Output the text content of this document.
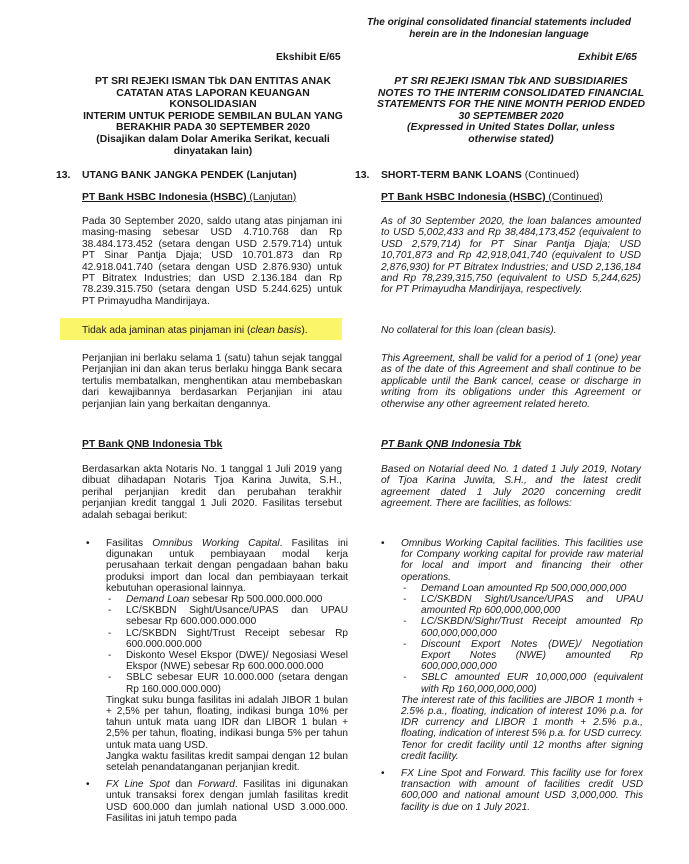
The original consolidated financial statements included herein are in the Indonesian language
Ekshibit E/65	Exhibit E/65
PT SRI REJEKI ISMAN Tbk DAN ENTITAS ANAK
CATATAN ATAS LAPORAN KEUANGAN KONSOLIDASIAN
INTERIM UNTUK PERIODE SEMBILAN BULAN YANG
BERAKHIR PADA 30 SEPTEMBER 2020
(Disajikan dalam Dolar Amerika Serikat, kecuali
dinyatakan lain)
PT SRI REJEKI ISMAN Tbk AND SUBSIDIARIES
NOTES TO THE INTERIM CONSOLIDATED FINANCIAL
STATEMENTS FOR THE NINE MONTH PERIOD ENDED
30 SEPTEMBER 2020
(Expressed in United States Dollar, unless
otherwise stated)
13. UTANG BANK JANGKA PENDEK (Lanjutan)	13. SHORT-TERM BANK LOANS (Continued)
PT Bank HSBC Indonesia (HSBC) (Lanjutan)	PT Bank HSBC Indonesia (HSBC) (Continued)
Pada 30 September 2020, saldo utang atas pinjaman ini masing-masing sebesar USD 4.710.768 dan Rp 38.484.173.452 (setara dengan USD 2.579.714) untuk PT Sinar Pantja Djaja; USD 10.701.873 dan Rp 42.918.041.740 (setara dengan USD 2.876.930) untuk PT Bitratex Industries; dan USD 2.136.184 dan Rp 78.239.315.750 (setara dengan USD 5.244.625) untuk PT Primayudha Mandirijaya.
As of 30 September 2020, the loan balances amounted to USD 5,002,433 and Rp 38,484,173,452 (equivalent to USD 2,579,714) for PT Sinar Pantja Djaja; USD 10,701,873 and Rp 42,918,041,740 (equivalent to USD 2,876,930) for PT Bitratex Industries; and USD 2,136,184 and Rp 78,239,315,750 (equivalent to USD 5,244,625) for PT Primayudha Mandirijaya, respectively.
Tidak ada jaminan atas pinjaman ini (clean basis).	No collateral for this loan (clean basis).
Perjanjian ini berlaku selama 1 (satu) tahun sejak tanggal Perjanjian ini dan akan terus berlaku hingga Bank secara tertulis membatalkan, menghentikan atau membebaskan dari kewajibannya berdasarkan Perjanjian ini atau perjanjian lain yang berkaitan dengannya.
This Agreement, shall be valid for a period of 1 (one) year as of the date of this Agreement and shall continue to be applicable until the Bank cancel, cease or discharge in writing from its obligations under this Agreement or otherwise any other agreement related hereto.
PT Bank QNB Indonesia Tbk	PT Bank QNB Indonesia Tbk
Berdasarkan akta Notaris No. 1 tanggal 1 Juli 2019 yang dibuat dihadapan Notaris Tjoa Karina Juwita, S.H., perihal perjanjian kredit dan perubahan terakhir perjanjian kredit tanggal 1 Juli 2020. Fasilitas tersebut adalah sebagai berikut:
Based on Notarial deed No. 1 dated 1 July 2019, Notary of Tjoa Karina Juwita, S.H., and the latest credit agreement dated 1 July 2020 concerning credit agreement. There are facilities, as follows:
• Fasilitas Omnibus Working Capital. Fasilitas ini digunakan untuk pembiayaan modal kerja perusahaan terkait dengan pengadaan bahan baku produksi import dan local dan pembiayaan terkait kebutuhan operasional lainnya.
- Demand Loan sebesar Rp 500.000.000.000
- LC/SKBDN Sight/Usance/UPAS dan UPAU sebesar Rp 600.000.000.000
- LC/SKBDN Sight/Trust Receipt sebesar Rp 600.000.000.000
- Diskonto Wesel Ekspor (DWE)/ Negosiasi Wesel Ekspor (NWE) sebesar Rp 600.000.000.000
- SBLC sebesar EUR 10.000.000 (setara dengan Rp 160.000.000.000)
Tingkat suku bunga fasilitas ini adalah JIBOR 1 bulan + 2,5% per tahun, floating, indikasi bunga 10% per tahun untuk mata uang IDR dan LIBOR 1 bulan + 2,5% per tahun, floating, indikasi bunga 5% per tahun untuk mata uang USD.
Jangka waktu fasilitas kredit sampai dengan 12 bulan setelah penandatanganan perjanjian kredit.
• FX Line Spot dan Forward. Fasilitas ini digunakan untuk transaksi forex dengan jumlah fasilitas kredit USD 600.000 dan jumlah national USD 3.000.000. Fasilitas ini jatuh tempo pada
• Omnibus Working Capital facilities. This facilities use for Company working capital for provide raw material for local and import and financing their other operations.
- Demand Loan amounted Rp 500,000,000,000
- LC/SKBDN Sight/Usance/UPAS and UPAU amounted Rp 600,000,000,000
- LC/SKBDN/Sighr/Trust Receipt amounted Rp 600,000,000,000
- Discount Export Notes (DWE)/ Negotiation Export Notes (NWE) amounted Rp 600,000,000,000
- SBLC amounted EUR 10,000,000 (equivalent with Rp 160,000,000,000)
The interest rate of this facilities are JIBOR 1 month + 2.5% p.a., floating, indication of interest 10% p.a. for IDR currency and LIBOR 1 month + 2.5% p.a., floating, indication of interest 5% p.a. for USD currecy.
Tenor for credit facility until 12 months after signing credit facility.
• FX Line Spot and Forward. This facility use for forex transaction with amount of facilities credit USD 600,000 and national amount USD 3,000,000. This facility is due on 1 July 2021.
